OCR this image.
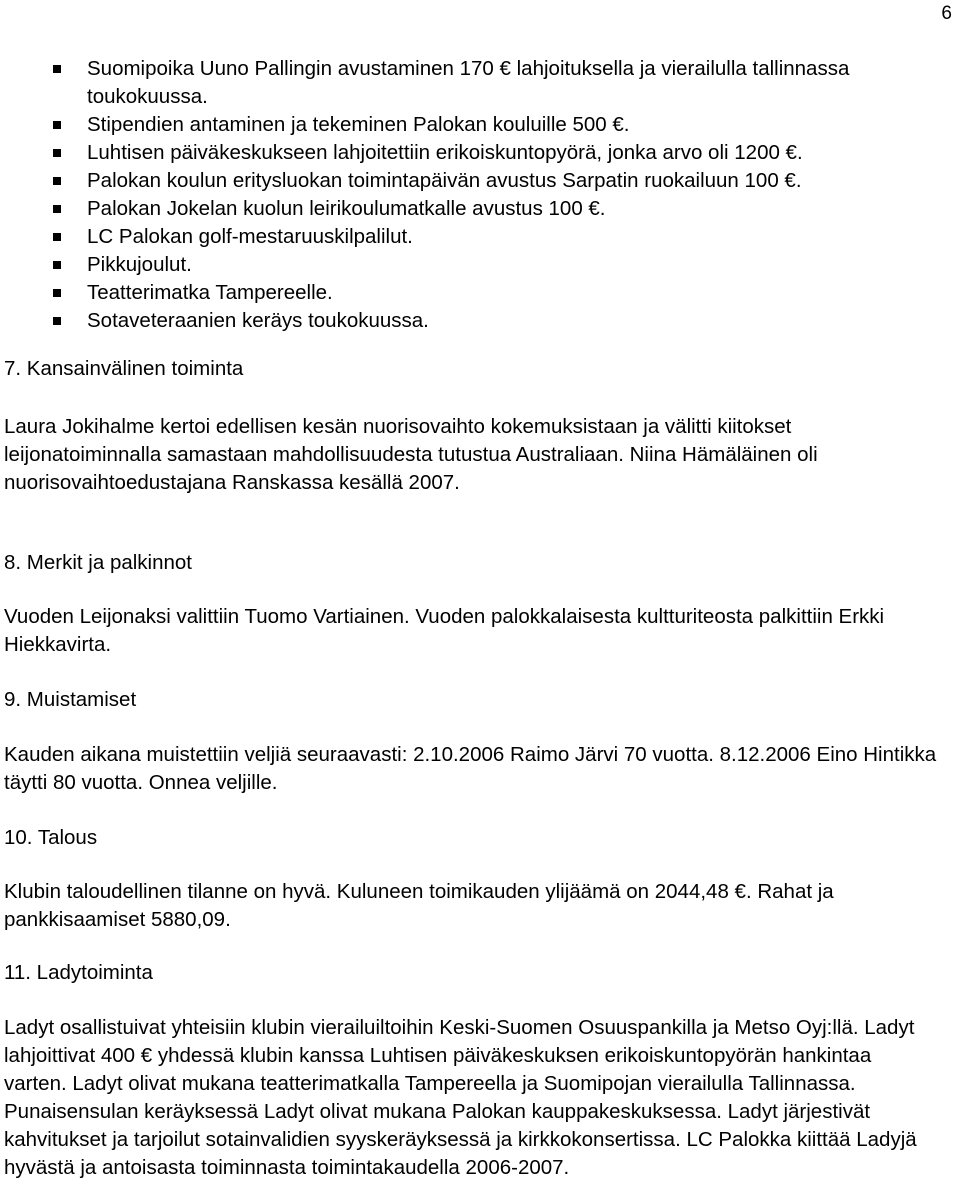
6
Suomipoika Uuno Pallingin avustaminen 170 € lahjoituksella ja vierailulla tallinnassa toukokuussa.
Stipendien antaminen ja tekeminen Palokan kouluille 500 €.
Luhtisen päiväkeskukseen lahjoitettiin erikoiskuntopyörä, jonka arvo oli 1200 €.
Palokan koulun eritysluokan toimintapäivän avustus Sarpatin ruokailuun 100 €.
Palokan Jokelan kuolun leirikoulumatkalle avustus 100 €.
LC Palokan golf-mestaruuskilpalilut.
Pikkujoulut.
Teatterimatka Tampereelle.
Sotaveteraanien keräys toukokuussa.
7. Kansainvälinen toiminta

Laura Jokihalme kertoi edellisen kesän nuorisovaihto kokemuksistaan ja välitti kiitokset leijonatoiminnalla samastaan mahdollisuudesta tutustua Australiaan. Niina Hämäläinen oli nuorisovaihtoedustajana Ranskassa kesällä 2007.

8. Merkit ja palkinnot

Vuoden Leijonaksi valittiin Tuomo Vartiainen. Vuoden palokkalaisesta kultturiteosta palkittiin Erkki Hiekkavirta.

9. Muistamiset

Kauden aikana muistettiin veljiä seuraavasti: 2.10.2006 Raimo Järvi 70 vuotta. 8.12.2006 Eino Hintikka täytti 80 vuotta. Onnea veljille.

10. Talous

Klubin taloudellinen tilanne on hyvä. Kuluneen toimikauden ylijäämä on 2044,48 €. Rahat ja pankkisaamiset 5880,09.

11. Ladytoiminta

Ladyt osallistuivat yhteisiin klubin vierailuiltoihin Keski-Suomen Osuuspankilla ja Metso Oyj:llä. Ladyt lahjoittivat 400 € yhdessä klubin kanssa Luhtisen päiväkeskuksen erikoiskuntopyörän hankintaa varten. Ladyt olivat mukana teatterimatkalla Tampereella ja Suomipojan vierailulla Tallinnassa. Punaisensulan keräyksessä Ladyt olivat mukana Palokan kauppakeskuksessa. Ladyt järjestivät kahvitukset ja tarjoilut sotainvalidien syyskeräyksessä ja kirkkokonsertissa. LC Palokka kiittää Ladyjä hyvästä ja antoisasta toiminnasta toimintakaudella 2006-2007.
